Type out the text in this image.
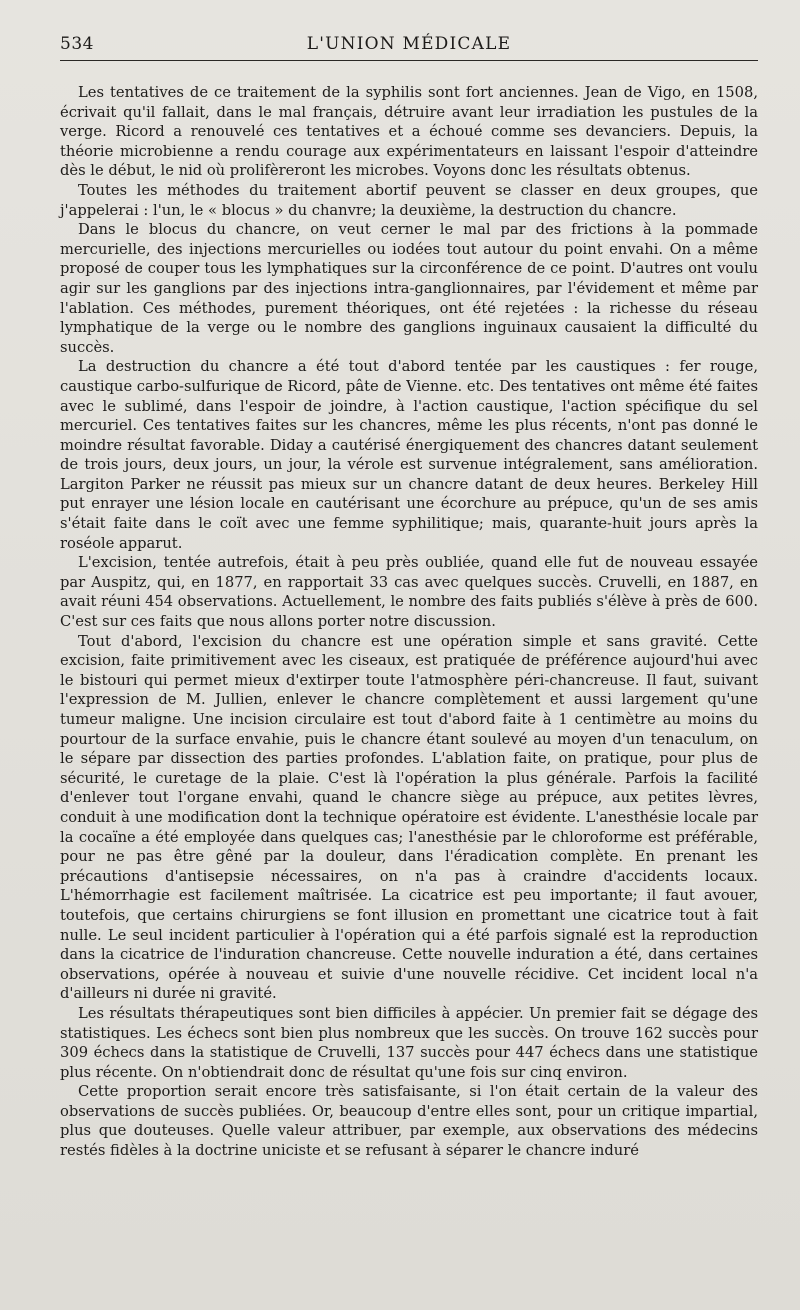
534	L'UNION MÉDICALE

Les tentatives de ce traitement de la syphilis sont fort anciennes. Jean de Vigo, en 1508, écrivait qu'il fallait, dans le mal français, détruire avant leur irradiation les pustules de la verge. Ricord a renouvelé ces tentatives et a échoué comme ses devanciers. Depuis, la théorie microbienne a rendu courage aux expérimentateurs en laissant l'espoir d'atteindre dès le début, le nid où prolifèreront les microbes. Voyons donc les résultats obtenus.

Toutes les méthodes du traitement abortif peuvent se classer en deux groupes, que j'appelerai : l'un, le « blocus » du chanvre; la deuxième, la destruction du chancre.

Dans le blocus du chancre, on veut cerner le mal par des frictions à la pommade mercurielle, des injections mercurielles ou iodées tout autour du point envahi. On a même proposé de couper tous les lymphatiques sur la circonférence de ce point. D'autres ont voulu agir sur les ganglions par des injections intra-ganglionnaires, par l'évidement et même par l'ablation. Ces méthodes, purement théoriques, ont été rejetées : la richesse du réseau lymphatique de la verge ou le nombre des ganglions inguinaux causaient la difficulté du succès.

La destruction du chancre a été tout d'abord tentée par les caustiques : fer rouge, caustique carbo-sulfurique de Ricord, pâte de Vienne. etc. Des tentatives ont même été faites avec le sublimé, dans l'espoir de joindre, à l'action caustique, l'action spécifique du sel mercuriel. Ces tentatives faites sur les chancres, même les plus récents, n'ont pas donné le moindre résultat favorable. Diday a cautérisé énergiquement des chancres datant seulement de trois jours, deux jours, un jour, la vérole est survenue intégralement, sans amélioration. Largiton Parker ne réussit pas mieux sur un chancre datant de deux heures. Berkeley Hill put enrayer une lésion locale en cautérisant une écorchure au prépuce, qu'un de ses amis s'était faite dans le coït avec une femme syphilitique; mais, quarante-huit jours après la roséole apparut.

L'excision, tentée autrefois, était à peu près oubliée, quand elle fut de nouveau essayée par Auspitz, qui, en 1877, en rapportait 33 cas avec quelques succès. Cruvelli, en 1887, en avait réuni 454 observations. Actuellement, le nombre des faits publiés s'élève à près de 600. C'est sur ces faits que nous allons porter notre discussion.

Tout d'abord, l'excision du chancre est une opération simple et sans gravité. Cette excision, faite primitivement avec les ciseaux, est pratiquée de préférence aujourd'hui avec le bistouri qui permet mieux d'extirper toute l'atmosphère péri-chancreuse. Il faut, suivant l'expression de M. Jullien, enlever le chancre complètement et aussi largement qu'une tumeur maligne. Une incision circulaire est tout d'abord faite à 1 centimètre au moins du pourtour de la surface envahie, puis le chancre étant soulevé au moyen d'un tenaculum, on le sépare par dissection des parties profondes. L'ablation faite, on pratique, pour plus de sécurité, le curetage de la plaie. C'est là l'opération la plus générale. Parfois la facilité d'enlever tout l'organe envahi, quand le chancre siège au prépuce, aux petites lèvres, conduit à une modification dont la technique opératoire est évidente. L'anesthésie locale par la cocaïne a été employée dans quelques cas; l'anesthésie par le chloroforme est préférable, pour ne pas être gêné par la douleur, dans l'éradication complète. En prenant les précautions d'antisepsie nécessaires, on n'a pas à craindre d'accidents locaux. L'hémorrhagie est facilement maîtrisée. La cicatrice est peu importante; il faut avouer, toutefois, que certains chirurgiens se font illusion en promettant une cicatrice tout à fait nulle. Le seul incident particulier à l'opération qui a été parfois signalé est la reproduction dans la cicatrice de l'induration chancreuse. Cette nouvelle induration a été, dans certaines observations, opérée à nouveau et suivie d'une nouvelle récidive. Cet incident local n'a d'ailleurs ni durée ni gravité.

Les résultats thérapeutiques sont bien difficiles à appécier. Un premier fait se dégage des statistiques. Les échecs sont bien plus nombreux que les succès. On trouve 162 succès pour 309 échecs dans la statistique de Cruvelli, 137 succès pour 447 échecs dans une statistique plus récente. On n'obtiendrait donc de résultat qu'une fois sur cinq environ.

Cette proportion serait encore très satisfaisante, si l'on était certain de la valeur des observations de succès publiées. Or, beaucoup d'entre elles sont, pour un critique impartial, plus que douteuses. Quelle valeur attribuer, par exemple, aux observations des médecins restés fidèles à la doctrine uniciste et se refusant à séparer le chancre induré
